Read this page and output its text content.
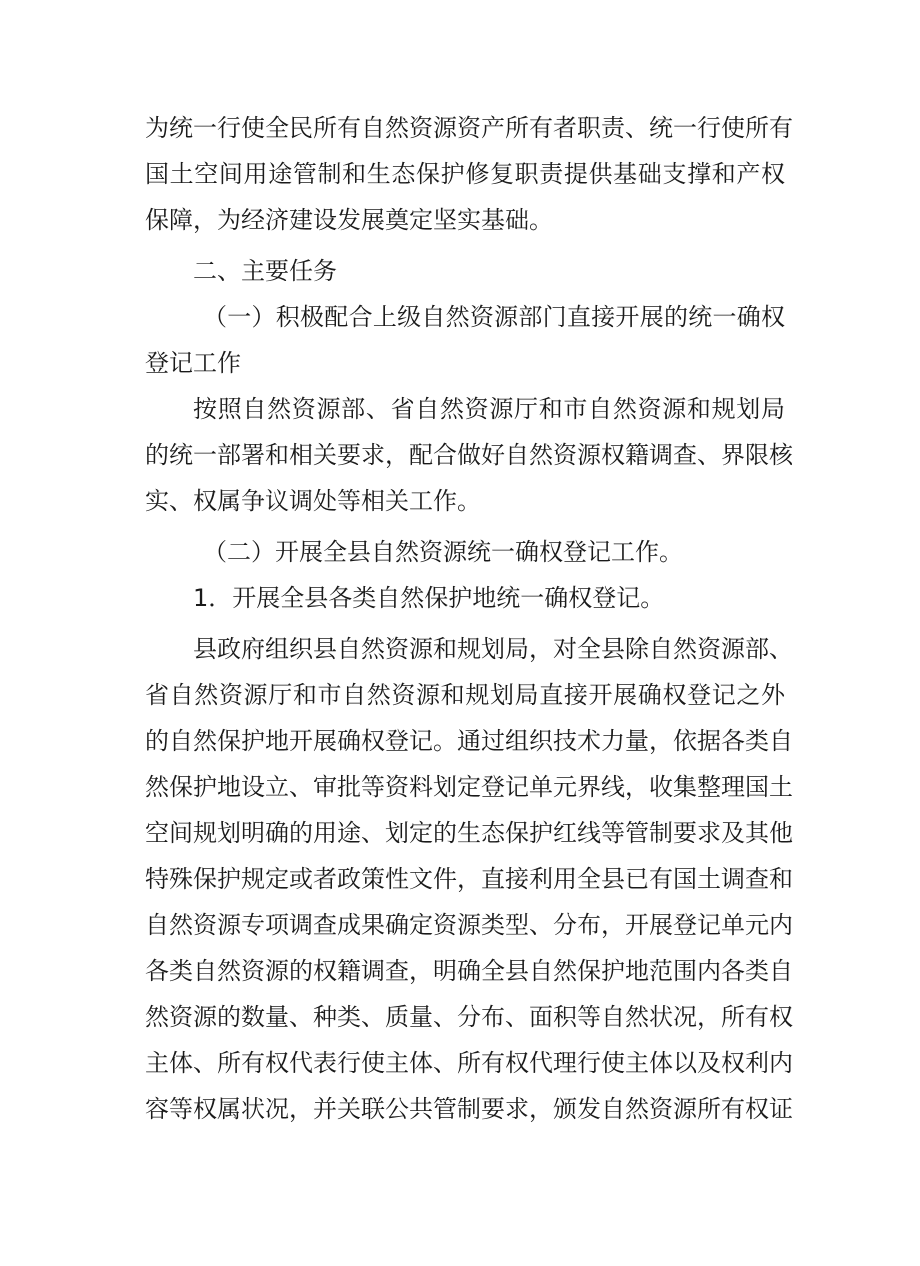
为统一行使全民所有自然资源资产所有者职责、统一行使所有
国土空间用途管制和生态保护修复职责提供基础支撑和产权
保障，为经济建设发展奠定坚实基础。
二、主要任务
（一）积极配合上级自然资源部门直接开展的统一确权
登记工作
按照自然资源部、省自然资源厅和市自然资源和规划局
的统一部署和相关要求，配合做好自然资源权籍调查、界限核
实、权属争议调处等相关工作。
（二）开展全县自然资源统一确权登记工作。
1．开展全县各类自然保护地统一确权登记。
县政府组织县自然资源和规划局，对全县除自然资源部、
省自然资源厅和市自然资源和规划局直接开展确权登记之外
的自然保护地开展确权登记。通过组织技术力量，依据各类自
然保护地设立、审批等资料划定登记单元界线，收集整理国土
空间规划明确的用途、划定的生态保护红线等管制要求及其他
特殊保护规定或者政策性文件，直接利用全县已有国土调查和
自然资源专项调查成果确定资源类型、分布，开展登记单元内
各类自然资源的权籍调查，明确全县自然保护地范围内各类自
然资源的数量、种类、质量、分布、面积等自然状况，所有权
主体、所有权代表行使主体、所有权代理行使主体以及权利内
容等权属状况，并关联公共管制要求，颁发自然资源所有权证
